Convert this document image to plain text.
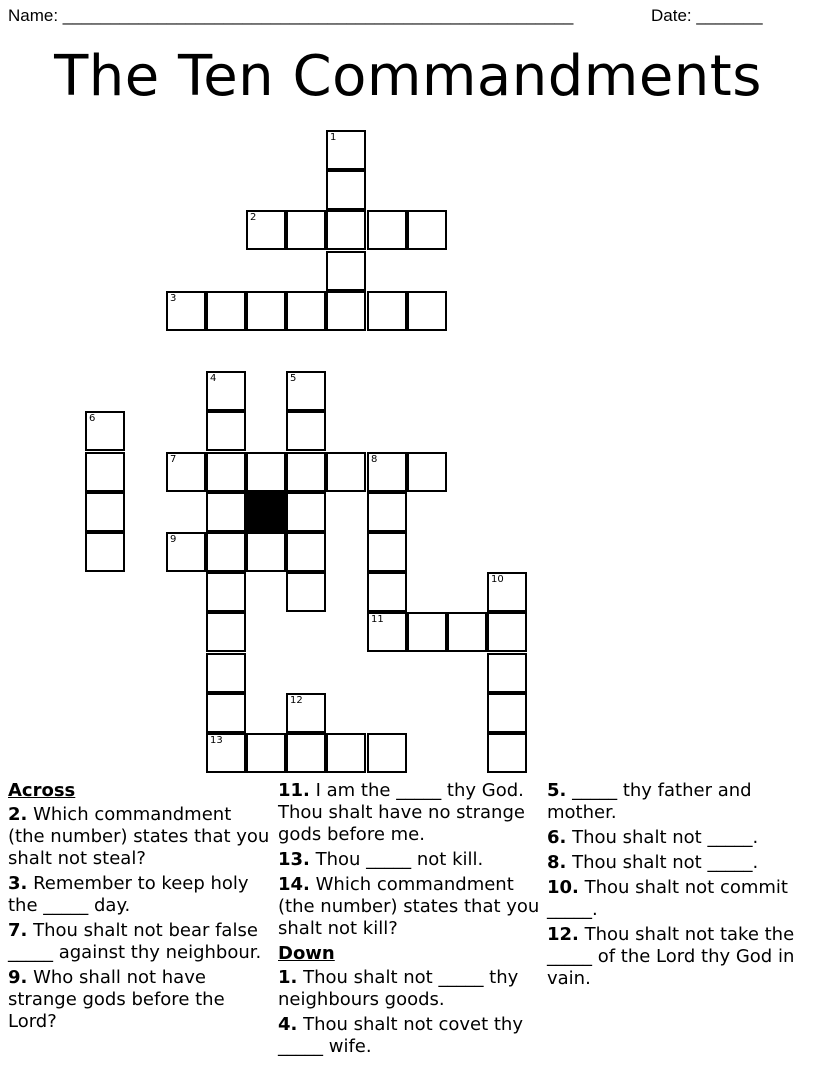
Name: ______________________________________________________	Date: _______
The Ten Commandments
1
2
3
4	5
6
7	8
9
10
11
12
13
Across
2. Which commandment (the number) states that you shalt not steal?
3. Remember to keep holy the _____ day.
7. Thou shalt not bear false _____ against thy neighbour.
9. Who shall not have strange gods before the Lord?
11. I am the _____ thy God. Thou shalt have no strange gods before me.
13. Thou _____ not kill.
14. Which commandment (the number) states that you shalt not kill?
Down
1. Thou shalt not _____ thy neighbours goods.
4. Thou shalt not covet thy _____ wife.
5. _____ thy father and mother.
6. Thou shalt not _____.
8. Thou shalt not _____.
10. Thou shalt not commit _____.
12. Thou shalt not take the _____ of the Lord thy God in vain.
